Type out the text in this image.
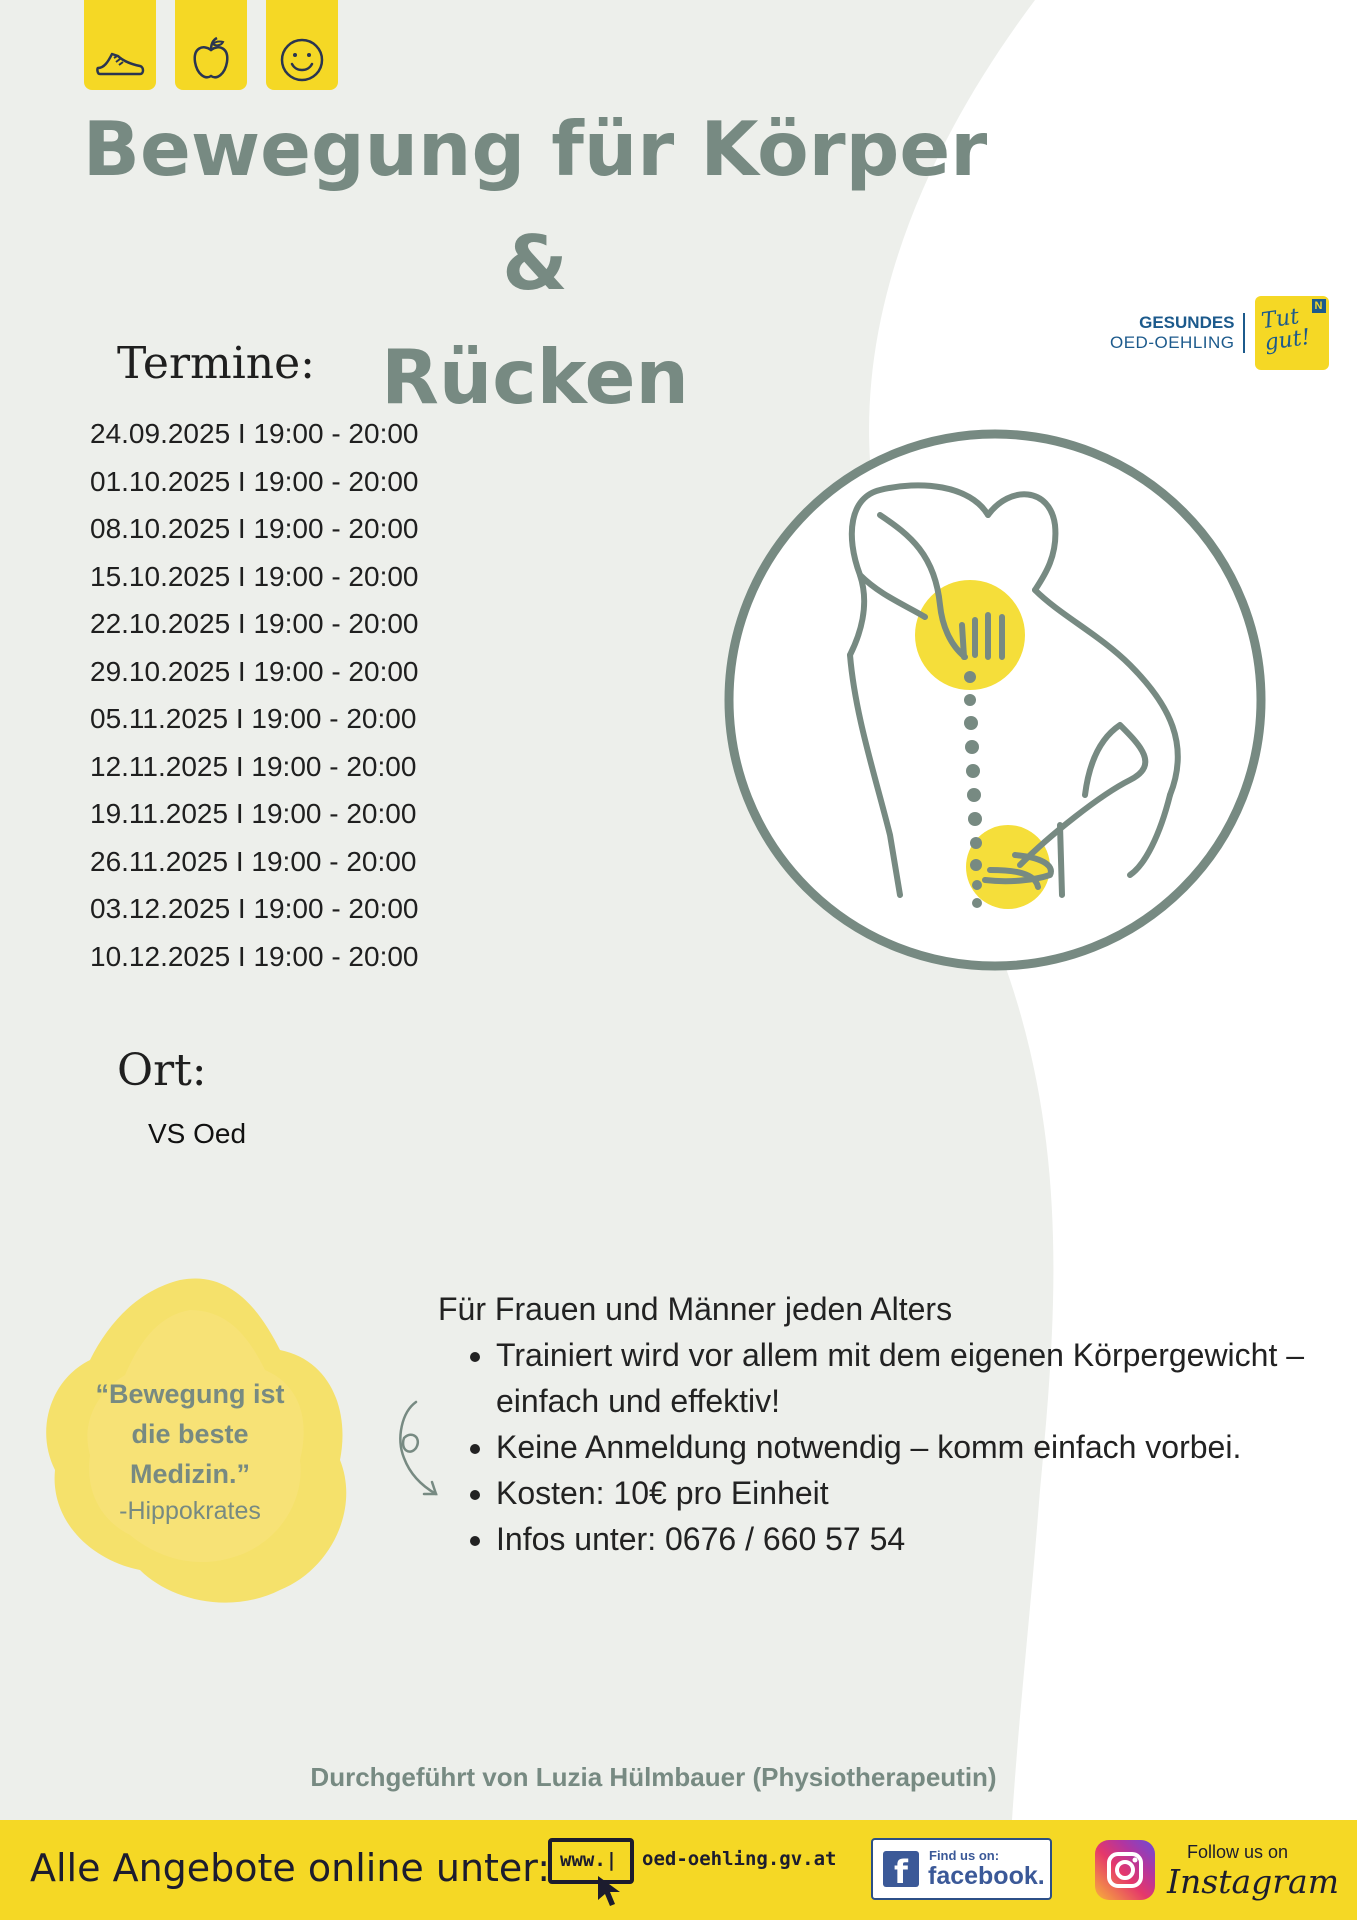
Bewegung für Körper &
Rücken
GESUNDES
OED-OEHLING
N
Tut
gut!
Termine:
24.09.2025 I 19:00 - 20:00
01.10.2025 I 19:00 - 20:00
08.10.2025 I 19:00 - 20:00
15.10.2025 I 19:00 - 20:00
22.10.2025 I 19:00 - 20:00
29.10.2025 I 19:00 - 20:00
05.11.2025 I 19:00 - 20:00
12.11.2025 I 19:00 - 20:00
19.11.2025 I 19:00 - 20:00
26.11.2025 I 19:00 - 20:00
03.12.2025 I 19:00 - 20:00
10.12.2025 I 19:00 - 20:00
Ort:
VS Oed
“Bewegung ist die beste Medizin.”
-Hippokrates
Für Frauen und Männer jeden Alters
• Trainiert wird vor allem mit dem eigenen Körpergewicht – einfach und effektiv!
• Keine Anmeldung notwendig – komm einfach vorbei.
• Kosten: 10€ pro Einheit
• Infos unter: 0676 / 660 57 54
Durchgeführt von Luzia Hülmbauer (Physiotherapeutin)
Alle Angebote online unter: www.| oed-oehling.gv.at	f	Find us on:
facebook.
Follow us on
Instagram
